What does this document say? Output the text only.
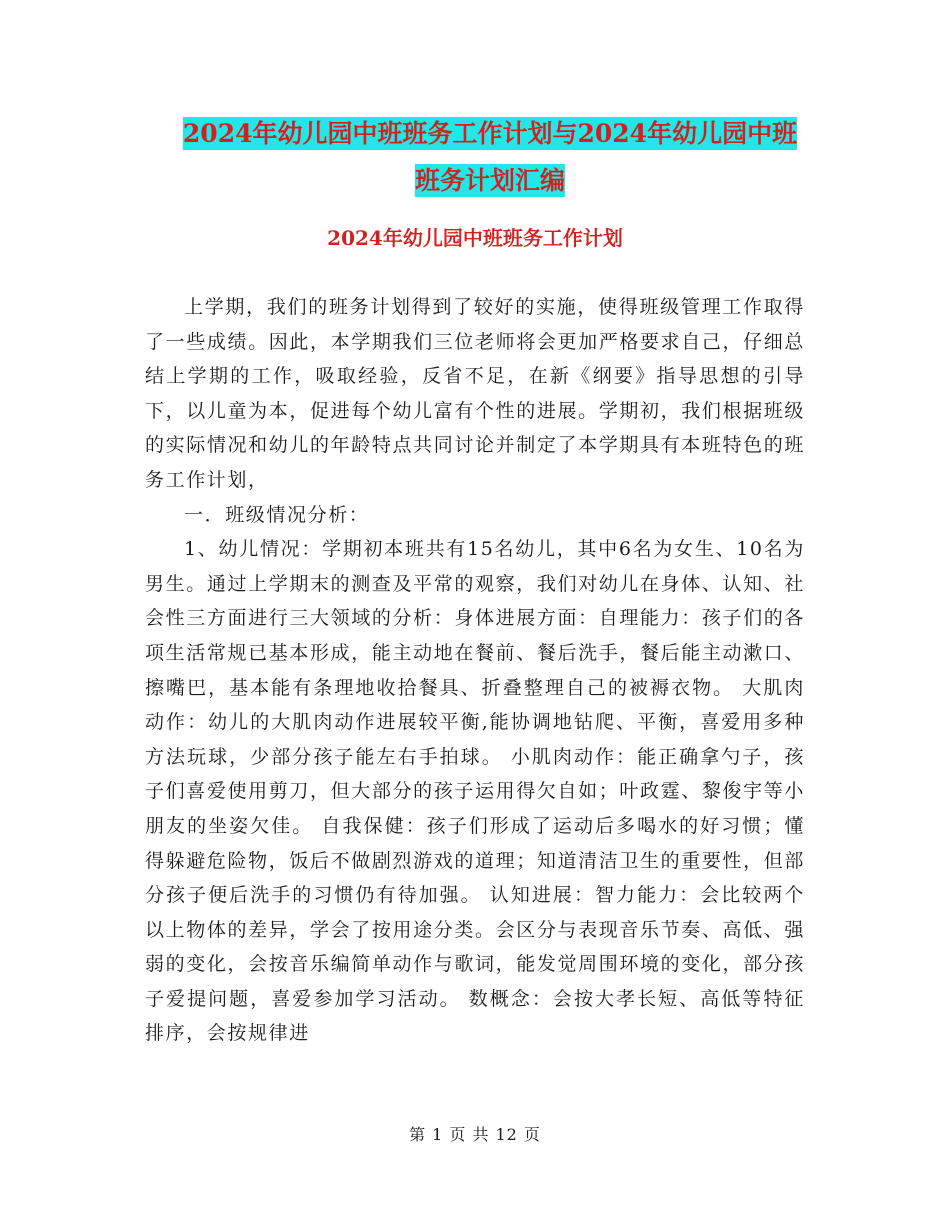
2024年幼儿园中班班务工作计划与2024年幼儿园中班
班务计划汇编
2024年幼儿园中班班务工作计划

上学期，我们的班务计划得到了较好的实施，使得班级管理工作取得了一些成绩。因此，本学期我们三位老师将会更加严格要求自己，仔细总结上学期的工作，吸取经验，反省不足，在新《纲要》指导思想的引导下，以儿童为本，促进每个幼儿富有个性的进展。学期初，我们根据班级的实际情况和幼儿的年龄特点共同讨论并制定了本学期具有本班特色的班务工作计划，

一．班级情况分析：

1、幼儿情况：学期初本班共有15名幼儿，其中6名为女生、10名为男生。通过上学期末的测查及平常的观察，我们对幼儿在身体、认知、社会性三方面进行三大领域的分析：身体进展方面：自理能力：孩子们的各项生活常规已基本形成，能主动地在餐前、餐后洗手，餐后能主动漱口、擦嘴巴，基本能有条理地收拾餐具、折叠整理自己的被褥衣物。 大肌肉动作：幼儿的大肌肉动作进展较平衡,能协调地钻爬、平衡，喜爱用多种方法玩球，少部分孩子能左右手拍球。 小肌肉动作：能正确拿勺子，孩子们喜爱使用剪刀，但大部分的孩子运用得欠自如；叶政霆、黎俊宇等小朋友的坐姿欠佳。 自我保健：孩子们形成了运动后多喝水的好习惯；懂得躲避危险物，饭后不做剧烈游戏的道理；知道清洁卫生的重要性，但部分孩子便后洗手的习惯仍有待加强。 认知进展：智力能力：会比较两个以上物体的差异，学会了按用途分类。会区分与表现音乐节奏、高低、强弱的变化，会按音乐编简单动作与歌词，能发觉周围环境的变化，部分孩子爱提问题，喜爱参加学习活动。 数概念：会按大孝长短、高低等特征排序，会按规律进

第 1 页 共 12 页
